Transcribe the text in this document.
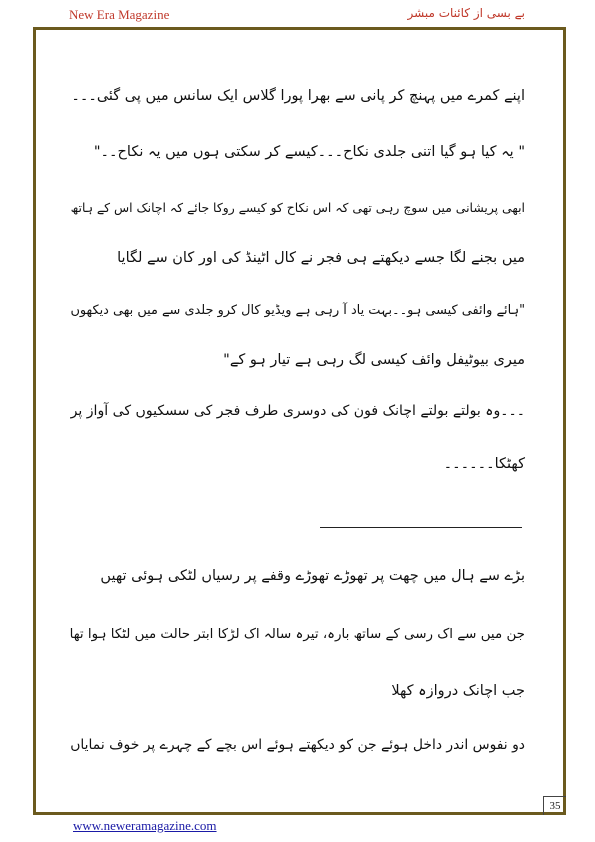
New Era Magazine	بے بسی از کائنات مبشر
اپنے کمرے میں پہنچ کر پانی سے بھرا پورا گلاس ایک سانس میں پی گئی۔۔۔
" یہ کیا ہو گیا اتنی جلدی نکاح۔۔۔کیسے کر سکتی ہوں میں یہ نکاح۔۔"
ابھی پریشانی میں سوچ رہی تھی کہ اس نکاح کو کیسے روکا جائے کہ اچانک اس کے ہاتھ
میں بجنے لگا جسے دیکھتے ہی فجر نے کال اٹینڈ کی اور کان سے لگایا
"ہائے وائفی کیسی ہو۔۔بہت یاد آ رہی ہے ویڈیو کال کرو جلدی سے میں بھی دیکھوں
میری بیوٹیفل وائف کیسی لگ رہی ہے تیار ہو کے"
۔۔۔وہ بولتے بولتے اچانک فون کی دوسری طرف فجر کی سسکیوں کی آواز پر
کھٹکا۔۔۔۔۔۔
بڑے سے ہال میں چھت پر تھوڑے تھوڑے وقفے پر رسیاں لٹکی ہوئی تھیں
جن میں سے اک رسی کے ساتھ بارہ، تیرہ سالہ اک لڑکا ابتر حالت میں لٹکا ہوا تھا
جب اچانک دروازہ کھلا
دو نفوس اندر داخل ہوئے جن کو دیکھتے ہوئے اس بچے کے چہرے پر خوف نمایاں
35
www.neweramagazine.com
